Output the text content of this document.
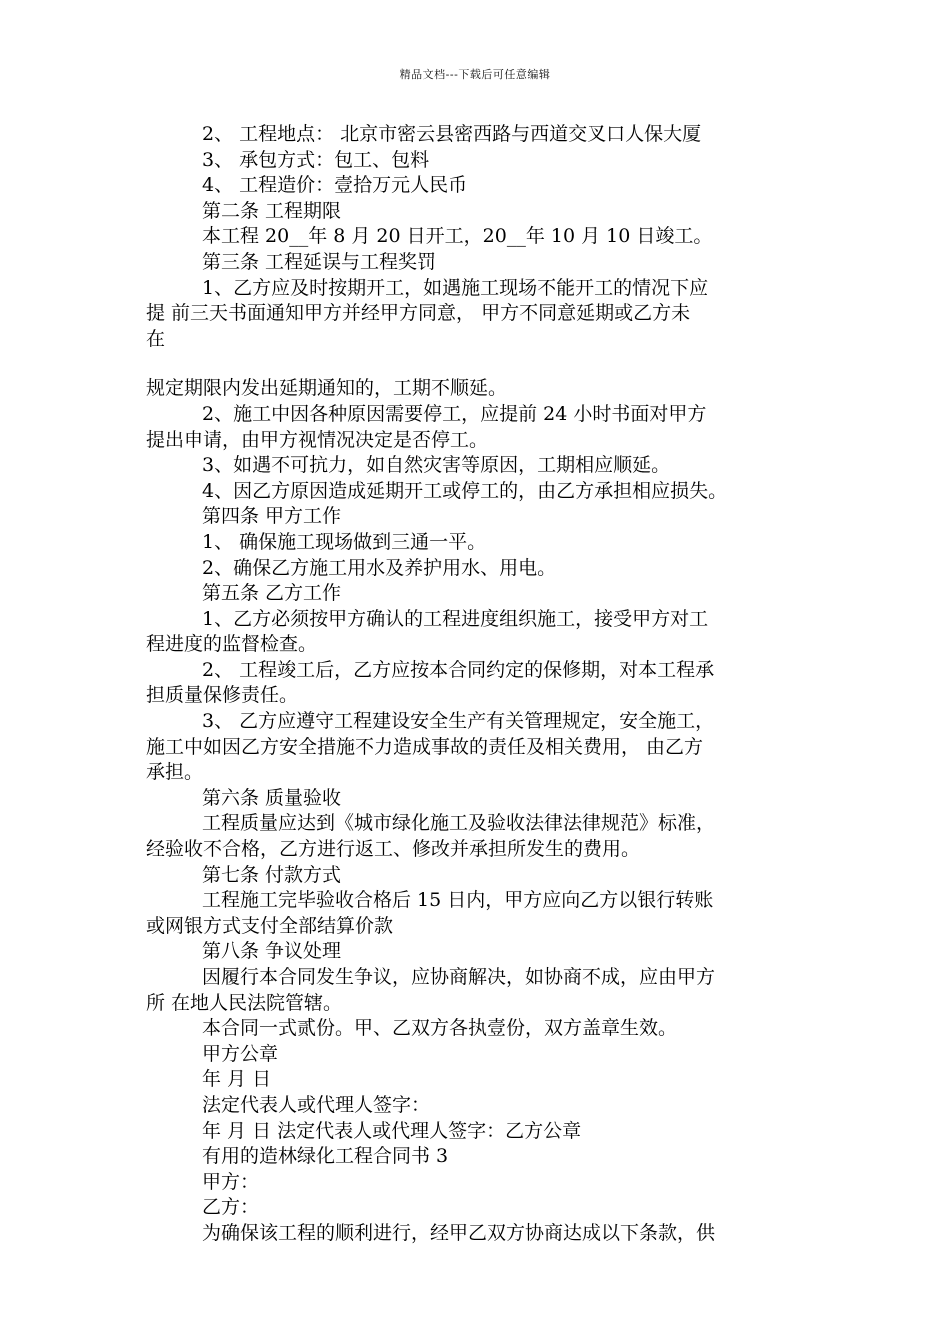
精品文档---下载后可任意编辑
2、 工程地点： 北京市密云县密西路与西道交叉口人保大厦
3、 承包方式：包工、包料
4、 工程造价：壹拾万元人民币
第二条 工程期限
本工程 20__年 8 月 20 日开工，20__年 10 月 10 日竣工。
第三条 工程延误与工程奖罚
1、乙方应及时按期开工，如遇施工现场不能开工的情况下应
提 前三天书面通知甲方并经甲方同意， 甲方不同意延期或乙方未
在
规定期限内发出延期通知的，工期不顺延。
2、施工中因各种原因需要停工，应提前 24 小时书面对甲方
提出申请，由甲方视情况决定是否停工。
3、如遇不可抗力，如自然灾害等原因，工期相应顺延。
4、因乙方原因造成延期开工或停工的，由乙方承担相应损失。
第四条 甲方工作
1、 确保施工现场做到三通一平。
2、确保乙方施工用水及养护用水、用电。
第五条 乙方工作
1、乙方必须按甲方确认的工程进度组织施工，接受甲方对工
程进度的监督检查。
2、 工程竣工后，乙方应按本合同约定的保修期，对本工程承
担质量保修责任。
3、 乙方应遵守工程建设安全生产有关管理规定，安全施工，
施工中如因乙方安全措施不力造成事故的责任及相关费用， 由乙方
承担。
第六条 质量验收
工程质量应达到《城市绿化施工及验收法律法律规范》标准，
经验收不合格，乙方进行返工、修改并承担所发生的费用。
第七条 付款方式
工程施工完毕验收合格后 15 日内，甲方应向乙方以银行转账
或网银方式支付全部结算价款
第八条 争议处理
因履行本合同发生争议，应协商解决，如协商不成，应由甲方
所 在地人民法院管辖。
本合同一式贰份。甲、乙双方各执壹份，双方盖章生效。
甲方公章
年 月 日
法定代表人或代理人签字：
年 月 日 法定代表人或代理人签字：乙方公章
有用的造林绿化工程合同书 3
甲方：
乙方：
为确保该工程的顺利进行，经甲乙双方协商达成以下条款，供
